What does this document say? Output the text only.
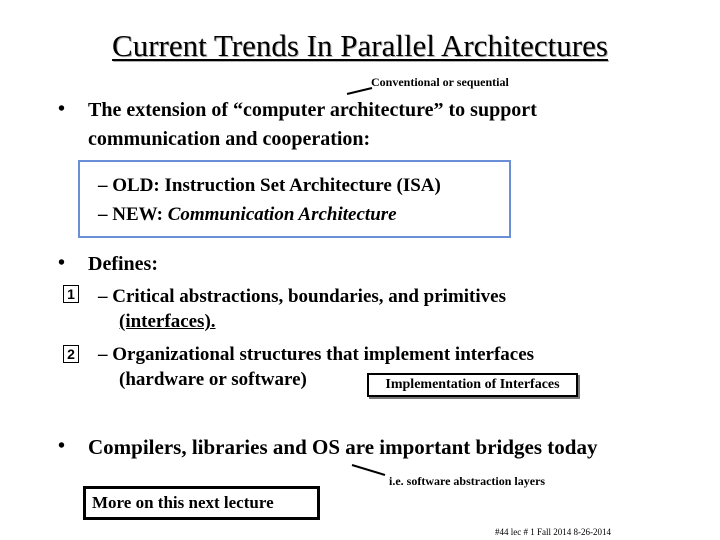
Current Trends In Parallel Architectures
Conventional or sequential
• The extension of “computer architecture” to support
communication and cooperation:
– OLD: Instruction Set Architecture (ISA)
– NEW: Communication Architecture
• Defines:
1 – Critical abstractions, boundaries, and primitives
(interfaces).
2 – Organizational structures that implement interfaces
(hardware or software)	Implementation of Interfaces
• Compilers, libraries and OS are important bridges today
i.e. software abstraction layers
More on this next lecture
#44 lec # 1 Fall 2014 8-26-2014
